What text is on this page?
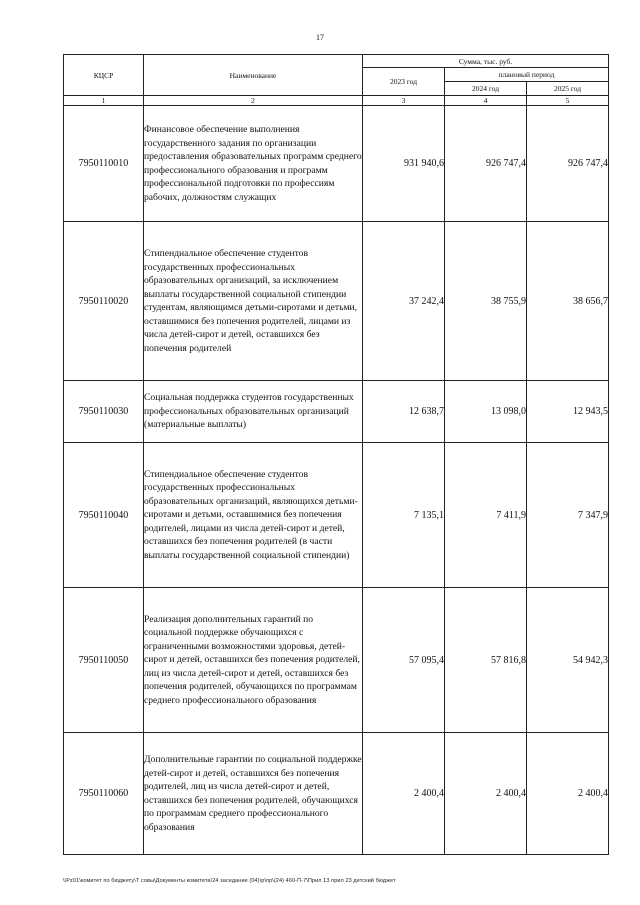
17
КЦСР	Наименование	Сумма, тыс. руб.		
		2023 год	плановый период	
			2024 год	2025 год
1	2	3	4	5
7950110010	Финансовое обеспечение выполнения государственного задания по организации предоставления образовательных программ среднего профессионального образования и программ профессиональной подготовки по профессиям рабочих, должностям служащих	931 940,6	926 747,4	926 747,4
7950110020	Стипендиальное обеспечение студентов государственных профессиональных образовательных организаций, за исключением выплаты государственной социальной стипендии студентам, являющимся детьми-сиротами и детьми, оставшимися без попечения родителей, лицами из числа детей-сирот и детей, оставшихся без попечения родителей	37 242,4	38 755,9	38 656,7
7950110030	Социальная поддержка студентов государственных профессиональных образовательных организаций (материальные выплаты)	12 638,7	13 098,0	12 943,5
7950110040	Стипендиальное обеспечение студентов государственных профессиональных образовательных организаций, являющихся детьми-сиротами и детьми, оставшимися без попечения родителей, лицами из числа детей-сирот и детей, оставшихся без попечения родителей (в части выплаты государственной социальной стипендии)	7 135,1	7 411,9	7 347,9
7950110050	Реализация дополнительных гарантий по социальной поддержке обучающихся с ограниченными возможностями здоровья, детей-сирот и детей, оставшихся без попечения родителей, лиц из числа детей-сирот и детей, оставшихся без попечения родителей, обучающихся по программам среднего профессионального образования	57 095,4	57 816,8	54 942,3
7950110060	Дополнительные гарантии по социальной поддержке детей-сирот и детей, оставшихся без попечения родителей, лиц из числа детей-сирот и детей, оставшихся без попечения родителей, обучающихся по программам среднего профессионального образования	2 400,4	2 400,4	2 400,4
\\Pz01\комитет по бюджету\Т совы\Документы комитета\24 заседание (04)\р\пр\(24) 460-П-7\Прил 13 прил 23 детский бюджет
